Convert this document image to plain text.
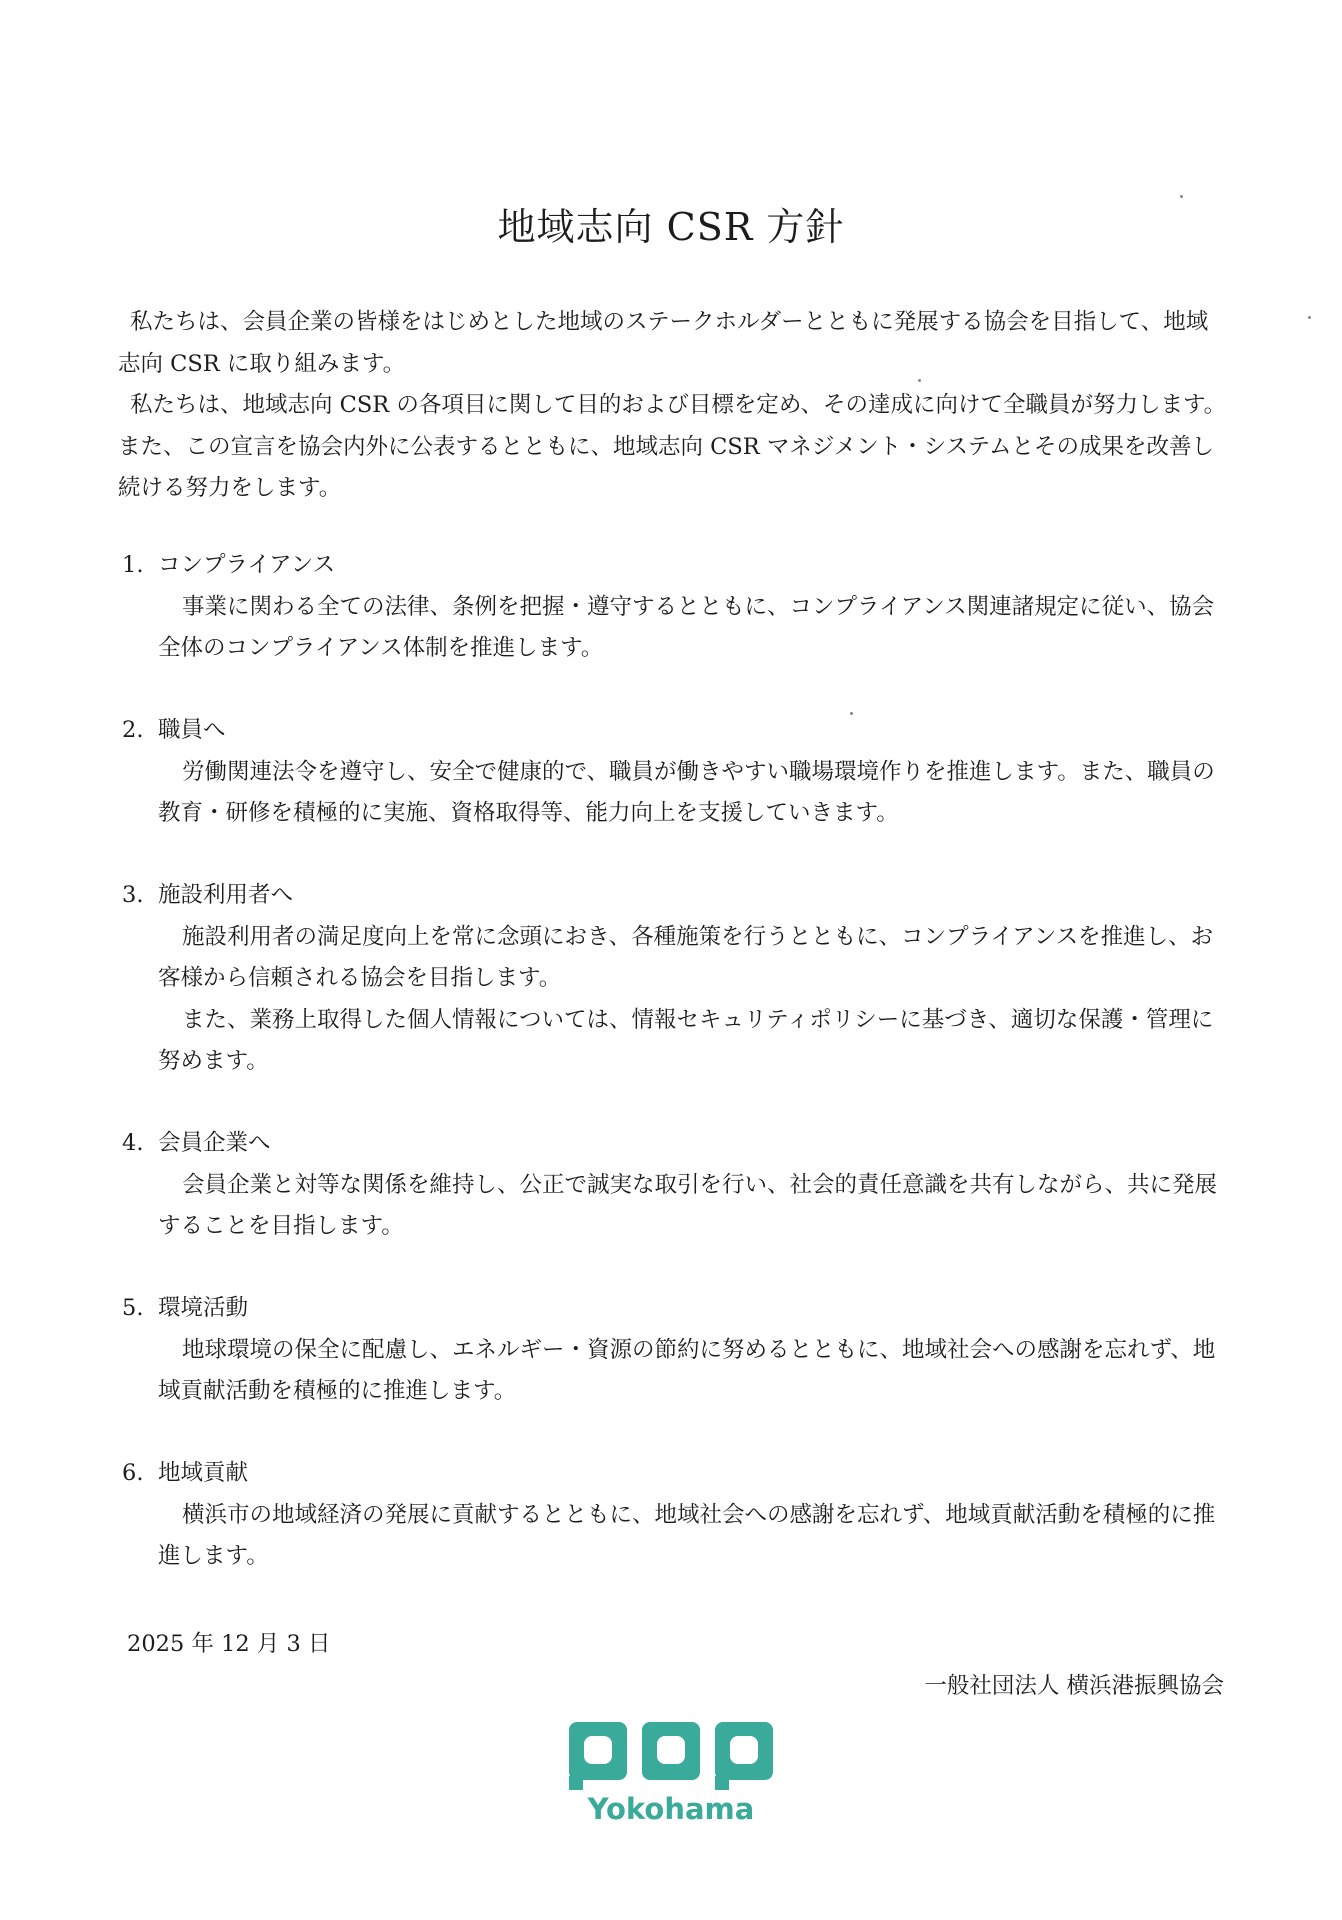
地域志向 CSR 方針

私たちは、会員企業の皆様をはじめとした地域のステークホルダーとともに発展する協会を目指して、地域志向 CSR に取り組みます。

私たちは、地域志向 CSR の各項目に関して目的および目標を定め、その達成に向けて全職員が努力します。また、この宣言を協会内外に公表するとともに、地域志向 CSR マネジメント・システムとその成果を改善し続ける努力をします。

1. コンプライアンス

事業に関わる全ての法律、条例を把握・遵守するとともに、コンプライアンス関連諸規定に従い、協会全体のコンプライアンス体制を推進します。

2. 職員へ

労働関連法令を遵守し、安全で健康的で、職員が働きやすい職場環境作りを推進します。また、職員の教育・研修を積極的に実施、資格取得等、能力向上を支援していきます。

3. 施設利用者へ

施設利用者の満足度向上を常に念頭におき、各種施策を行うとともに、コンプライアンスを推進し、お客様から信頼される協会を目指します。

また、業務上取得した個人情報については、情報セキュリティポリシーに基づき、適切な保護・管理に努めます。

4. 会員企業へ

会員企業と対等な関係を維持し、公正で誠実な取引を行い、社会的責任意識を共有しながら、共に発展することを目指します。

5. 環境活動

地球環境の保全に配慮し、エネルギー・資源の節約に努めるとともに、地域社会への感謝を忘れず、地域貢献活動を積極的に推進します。

6. 地域貢献

横浜市の地域経済の発展に貢献するとともに、地域社会への感謝を忘れず、地域貢献活動を積極的に推進します。

2025 年 12 月 3 日

一般社団法人 横浜港振興協会

Yokohama
